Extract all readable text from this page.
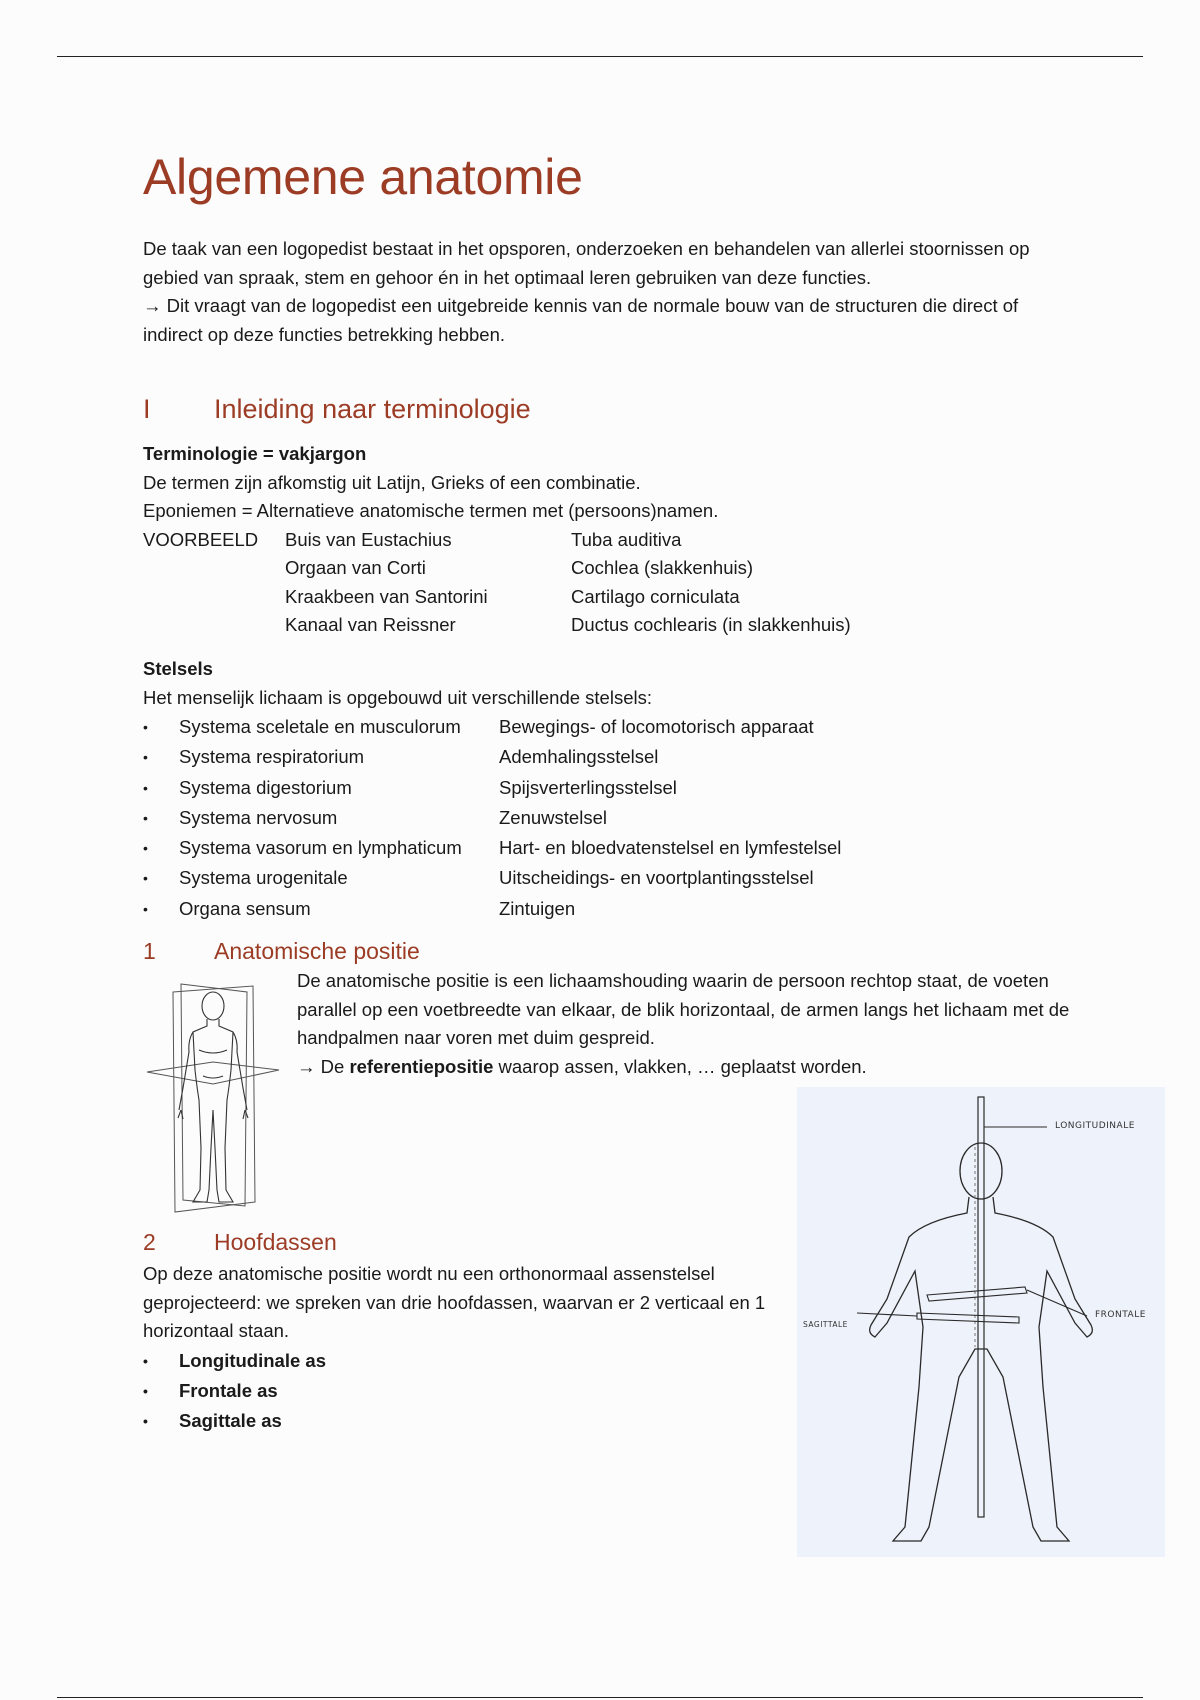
Algemene anatomie
De taak van een logopedist bestaat in het opsporen, onderzoeken en behandelen van allerlei stoornissen op gebied van spraak, stem en gehoor én in het optimaal leren gebruiken van deze functies.
→ Dit vraagt van de logopedist een uitgebreide kennis van de normale bouw van de structuren die direct of indirect op deze functies betrekking hebben.
I Inleiding naar terminologie
Terminologie = vakjargon
De termen zijn afkomstig uit Latijn, Grieks of een combinatie.
Eponiemen = Alternatieve anatomische termen met (persoons)namen.
VOORBEELD	Buis van Eustachius	Tuba auditiva
Orgaan van Corti	Cochlea (slakkenhuis)
Kraakbeen van Santorini	Cartilago corniculata
Kanaal van Reissner	Ductus cochlearis (in slakkenhuis)
Stelsels
Het menselijk lichaam is opgebouwd uit verschillende stelsels:
•	Systema sceletale en musculorum	Bewegings- of locomotorisch apparaat
•	Systema respiratorium	Ademhalingsstelsel
•	Systema digestorium	Spijsverterlingsstelsel
•	Systema nervosum	Zenuwstelsel
•	Systema vasorum en lymphaticum	Hart- en bloedvatenstelsel en lymfestelsel
•	Systema urogenitale	Uitscheidings- en voortplantingsstelsel
•	Organa sensum	Zintuigen
1	Anatomische positie
De anatomische positie is een lichaamshouding waarin de persoon rechtop staat, de voeten parallel op een voetbreedte van elkaar, de blik horizontaal, de armen langs het lichaam met de handpalmen naar voren met duim gespreid.
→ De referentiepositie waarop assen, vlakken, … geplaatst worden.
2	Hoofdassen
Op deze anatomische positie wordt nu een orthonormaal assenstelsel geprojecteerd: we spreken van drie hoofdassen, waarvan er 2 verticaal en 1 horizontaal staan.
•	Longitudinale as
•	Frontale as
•	Sagittale as
LONGITUDINALE
FRONTALE
SAGITTALE
